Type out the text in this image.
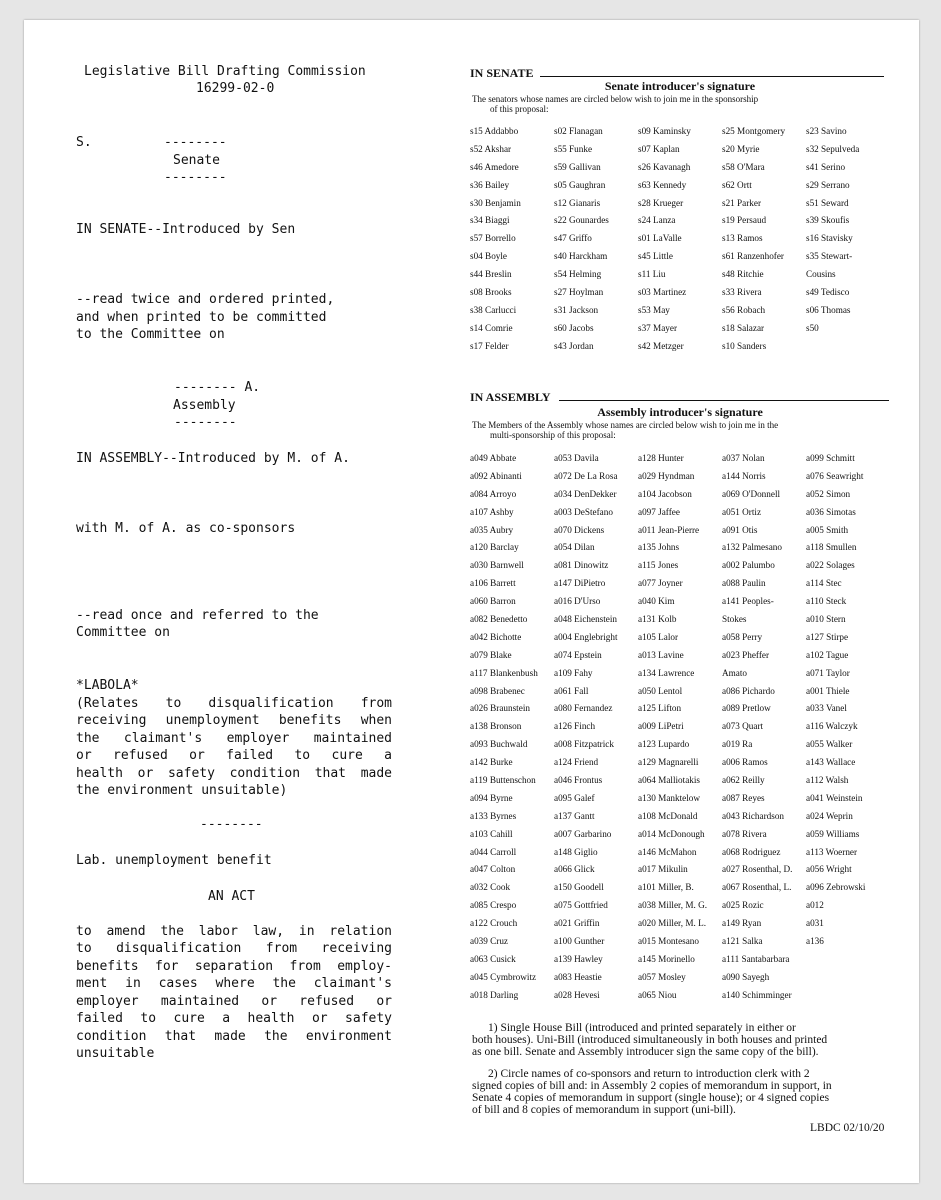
Legislative Bill Drafting Commission
16299-02-0
S.	--------
Senate
--------
IN SENATE--Introduced by Sen
--read twice and ordered printed,
and when printed to be committed
to the Committee on
-------- A.
Assembly
--------
IN ASSEMBLY--Introduced by M. of A.
with M. of A. as co-sponsors
--read once and referred to the
Committee on
*LABOLA*
(Relates to disqualification from
receiving unemployment benefits when
the claimant's employer maintained
or refused or failed to cure a
health or safety condition that made
the environment unsuitable)
--------
Lab. unemployment benefit
AN ACT
to amend the labor law, in relation
to disqualification from receiving
benefits for separation from employ-
ment in cases where the claimant's
employer maintained or refused or
failed to cure a health or safety
condition that made the environment
unsuitable
IN SENATE
Senate introducer's signature
The senators whose names are circled below wish to join me in the sponsorship
of this proposal:
s15 Addabbo
s52 Akshar
s46 Amedore
s36 Bailey
s30 Benjamin
s34 Biaggi
s57 Borrello
s04 Boyle
s44 Breslin
s08 Brooks
s38 Carlucci
s14 Comrie
s17 Felder
s02 Flanagan
s55 Funke
s59 Gallivan
s05 Gaughran
s12 Gianaris
s22 Gounardes
s47 Griffo
s40 Harckham
s54 Helming
s27 Hoylman
s31 Jackson
s60 Jacobs
s43 Jordan
s09 Kaminsky
s07 Kaplan
s26 Kavanagh
s63 Kennedy
s28 Krueger
s24 Lanza
s01 LaValle
s45 Little
s11 Liu
s03 Martinez
s53 May
s37 Mayer
s42 Metzger
s25 Montgomery
s20 Myrie
s58 O'Mara
s62 Ortt
s21 Parker
s19 Persaud
s13 Ramos
s61 Ranzenhofer
s48 Ritchie
s33 Rivera
s56 Robach
s18 Salazar
s10 Sanders
s23 Savino
s32 Sepulveda
s41 Serino
s29 Serrano
s51 Seward
s39 Skoufis
s16 Stavisky
s35 Stewart-
Cousins
s49 Tedisco
s06 Thomas
s50
IN ASSEMBLY
Assembly introducer's signature
The Members of the Assembly whose names are circled below wish to join me in the
multi-sponsorship of this proposal:
a049 Abbate
a092 Abinanti
a084 Arroyo
a107 Ashby
a035 Aubry
a120 Barclay
a030 Barnwell
a106 Barrett
a060 Barron
a082 Benedetto
a042 Bichotte
a079 Blake
a117 Blankenbush
a098 Brabenec
a026 Braunstein
a138 Bronson
a093 Buchwald
a142 Burke
a119 Buttenschon
a094 Byrne
a133 Byrnes
a103 Cahill
a044 Carroll
a047 Colton
a032 Cook
a085 Crespo
a122 Crouch
a039 Cruz
a063 Cusick
a045 Cymbrowitz
a018 Darling
a053 Davila
a072 De La Rosa
a034 DenDekker
a003 DeStefano
a070 Dickens
a054 Dilan
a081 Dinowitz
a147 DiPietro
a016 D'Urso
a048 Eichenstein
a004 Englebright
a074 Epstein
a109 Fahy
a061 Fall
a080 Fernandez
a126 Finch
a008 Fitzpatrick
a124 Friend
a046 Frontus
a095 Galef
a137 Gantt
a007 Garbarino
a148 Giglio
a066 Glick
a150 Goodell
a075 Gottfried
a021 Griffin
a100 Gunther
a139 Hawley
a083 Heastie
a028 Hevesi
a128 Hunter
a029 Hyndman
a104 Jacobson
a097 Jaffee
a011 Jean-Pierre
a135 Johns
a115 Jones
a077 Joyner
a040 Kim
a131 Kolb
a105 Lalor
a013 Lavine
a134 Lawrence
a050 Lentol
a125 Lifton
a009 LiPetri
a123 Lupardo
a129 Magnarelli
a064 Malliotakis
a130 Manktelow
a108 McDonald
a014 McDonough
a146 McMahon
a017 Mikulin
a101 Miller, B.
a038 Miller, M. G.
a020 Miller, M. L.
a015 Montesano
a145 Morinello
a057 Mosley
a065 Niou
a037 Nolan
a144 Norris
a069 O'Donnell
a051 Ortiz
a091 Otis
a132 Palmesano
a002 Palumbo
a088 Paulin
a141 Peoples-
Stokes
a058 Perry
a023 Pheffer
Amato
a086 Pichardo
a089 Pretlow
a073 Quart
a019 Ra
a006 Ramos
a062 Reilly
a087 Reyes
a043 Richardson
a078 Rivera
a068 Rodriguez
a027 Rosenthal, D.
a067 Rosenthal, L.
a025 Rozic
a149 Ryan
a121 Salka
a111 Santabarbara
a090 Sayegh
a140 Schimminger
a099 Schmitt
a076 Seawright
a052 Simon
a036 Simotas
a005 Smith
a118 Smullen
a022 Solages
a114 Stec
a110 Steck
a010 Stern
a127 Stirpe
a102 Tague
a071 Taylor
a001 Thiele
a033 Vanel
a116 Walczyk
a055 Walker
a143 Wallace
a112 Walsh
a041 Weinstein
a024 Weprin
a059 Williams
a113 Woerner
a056 Wright
a096 Zebrowski
a012
a031
a136
1) Single House Bill (introduced and printed separately in either or
both houses). Uni-Bill (introduced simultaneously in both houses and printed
as one bill. Senate and Assembly introducer sign the same copy of the bill).
2) Circle names of co-sponsors and return to introduction clerk with 2
signed copies of bill and: in Assembly 2 copies of memorandum in support, in
Senate 4 copies of memorandum in support (single house); or 4 signed copies
of bill and 8 copies of memorandum in support (uni-bill).
LBDC 02/10/20
